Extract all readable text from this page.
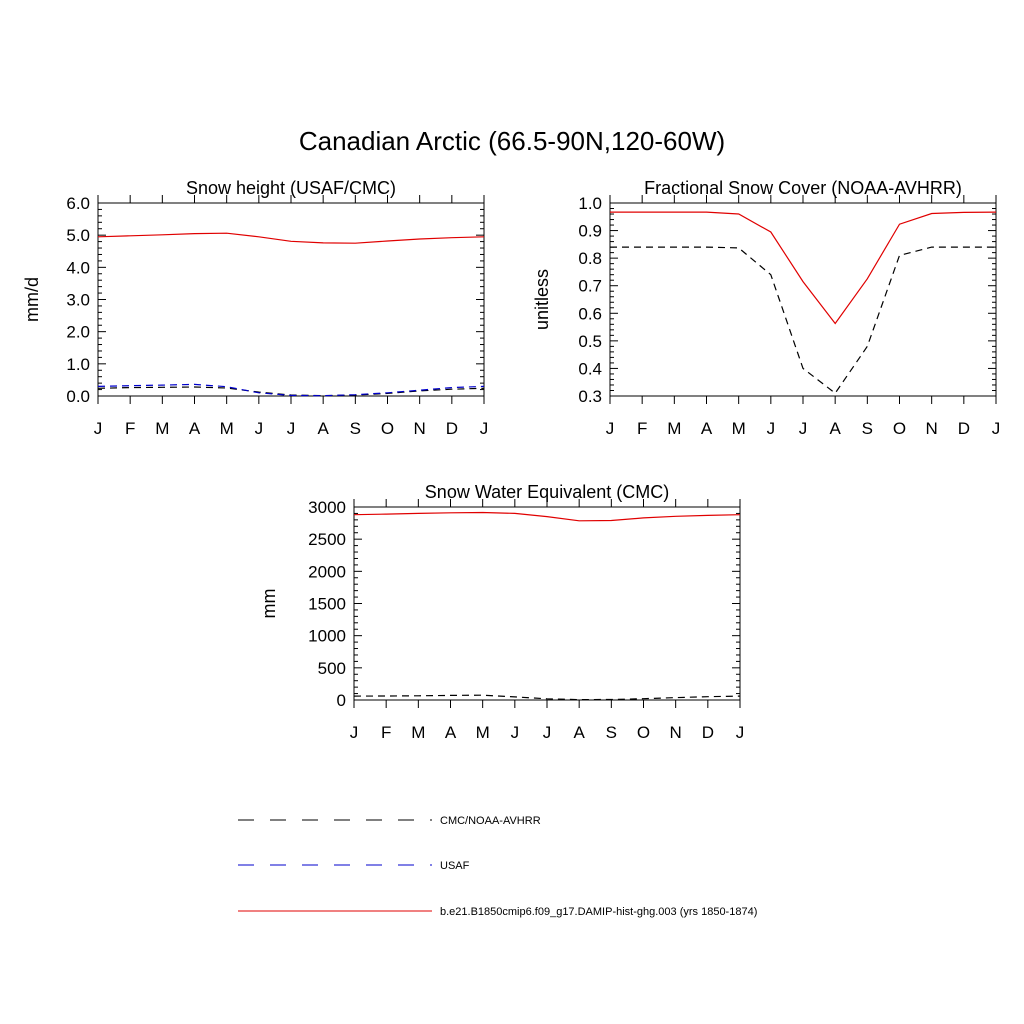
Canadian Arctic (66.5-90N,120-60W)
Snow height (USAF/CMC)
mm/d
0.0
1.0
2.0
3.0
4.0
5.0
6.0
J F M A M J J A S O N D J
Fractional Snow Cover (NOAA-AVHRR)
unitless
0.3
0.4
0.5
0.6
0.7
0.8
0.9
1.0
J F M A M J J A S O N D J
Snow Water Equivalent (CMC)
mm
0
500
1000
1500
2000
2500
3000
J F M A M J J A S O N D J
CMC/NOAA-AVHRR
USAF
b.e21.B1850cmip6.f09_g17.DAMIP-hist-ghg.003 (yrs 1850-1874)
